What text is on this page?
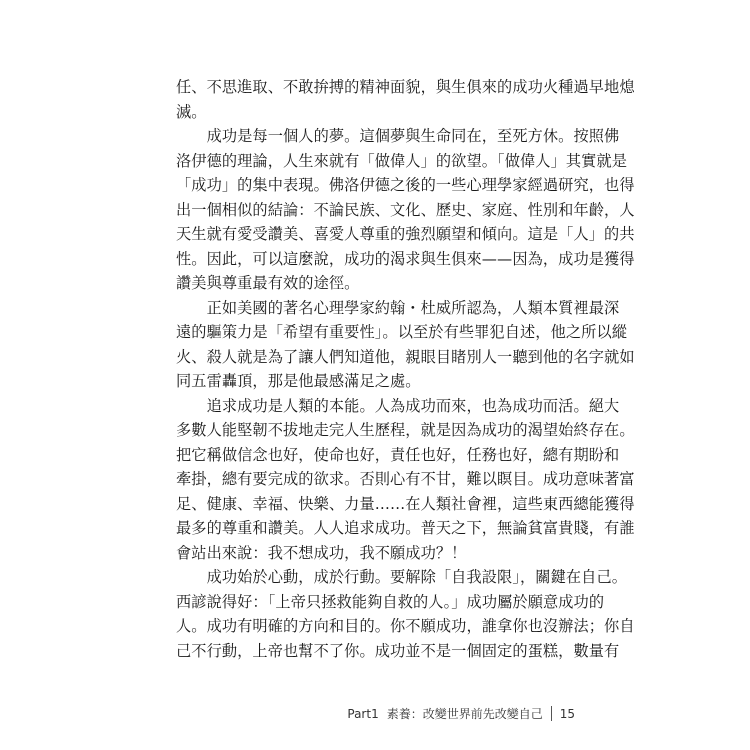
任、不思進取、不敢拚搏的精神面貌，與生俱來的成功火種過早地熄
滅。

　　成功是每一個人的夢。這個夢與生命同在，至死方休。按照佛
洛伊德的理論，人生來就有「做偉人」的欲望。「做偉人」其實就是
「成功」的集中表現。佛洛伊德之後的一些心理學家經過研究，也得
出一個相似的結論：不論民族、文化、歷史、家庭、性別和年齡，人
天生就有愛受讚美、喜愛人尊重的強烈願望和傾向。這是「人」的共
性。因此，可以這麼說，成功的渴求與生俱來——因為，成功是獲得
讚美與尊重最有效的途徑。

　　正如美國的著名心理學家約翰・杜威所認為，人類本質裡最深
遠的驅策力是「希望有重要性」。以至於有些罪犯自述，他之所以縱
火、殺人就是為了讓人們知道他，親眼目睹別人一聽到他的名字就如
同五雷轟頂，那是他最感滿足之處。

　　追求成功是人類的本能。人為成功而來，也為成功而活。絕大
多數人能堅韌不拔地走完人生歷程，就是因為成功的渴望始終存在。
把它稱做信念也好，使命也好，責任也好，任務也好，總有期盼和
牽掛，總有要完成的欲求。否則心有不甘，難以瞑目。成功意味著富
足、健康、幸福、快樂、力量……在人類社會裡，這些東西總能獲得
最多的尊重和讚美。人人追求成功。普天之下，無論貧富貴賤，有誰
會站出來說：我不想成功，我不願成功？！

　　成功始於心動，成於行動。要解除「自我設限」，關鍵在自己。
西諺說得好：「上帝只拯救能夠自救的人。」成功屬於願意成功的
人。成功有明確的方向和目的。你不願成功，誰拿你也沒辦法；你自
己不行動，上帝也幫不了你。成功並不是一個固定的蛋糕，數量有

Part1 素養：改變世界前先改變自己 15
